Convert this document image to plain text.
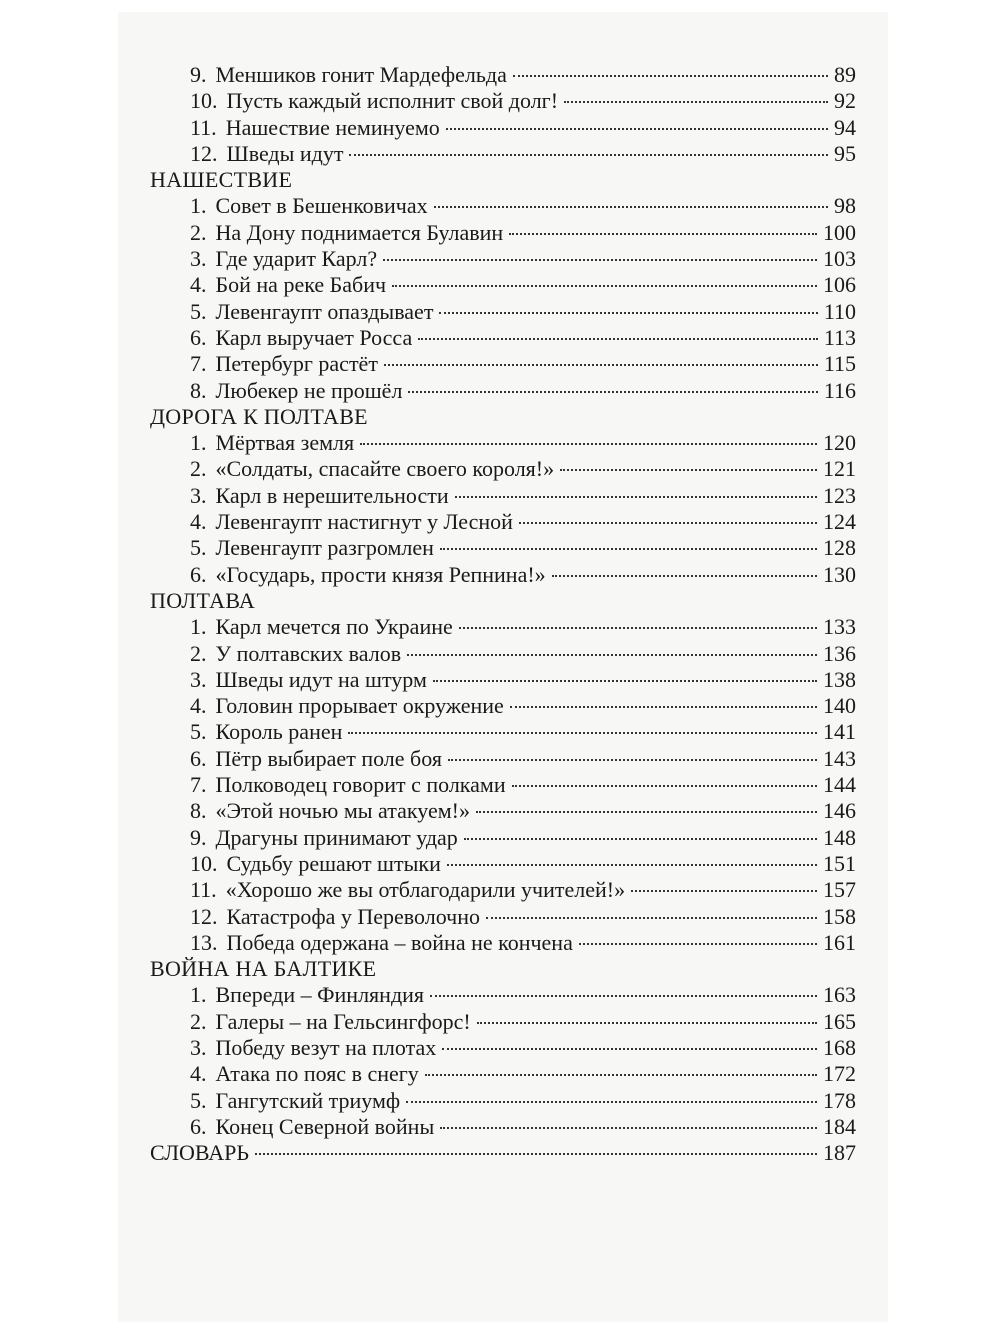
9. Меншиков гонит Мардефельда	89
10. Пусть каждый исполнит свой долг!	92
11. Нашествие неминуемо	94
12. Шведы идут	95
НАШЕСТВИЕ
1. Совет в Бешенковичах	98
2. На Дону поднимается Булавин	100
3. Где ударит Карл?	103
4. Бой на реке Бабич	106
5. Левенгаупт опаздывает	110
6. Карл выручает Росса	113
7. Петербург растёт	115
8. Любекер не прошёл	116
ДОРОГА К ПОЛТАВЕ
1. Мёртвая земля	120
2. «Солдаты, спасайте своего короля!»	121
3. Карл в нерешительности	123
4. Левенгаупт настигнут у Лесной	124
5. Левенгаупт разгромлен	128
6. «Государь, прости князя Репнина!»	130
ПОЛТАВА
1. Карл мечется по Украине	133
2. У полтавских валов	136
3. Шведы идут на штурм	138
4. Головин прорывает окружение	140
5. Король ранен	141
6. Пётр выбирает поле боя	143
7. Полководец говорит с полками	144
8. «Этой ночью мы атакуем!»	146
9. Драгуны принимают удар	148
10. Судьбу решают штыки	151
11. «Хорошо же вы отблагодарили учителей!»	157
12. Катастрофа у Переволочно	158
13. Победа одержана – война не кончена	161
ВОЙНА НА БАЛТИКЕ
1. Впереди – Финляндия	163
2. Галеры – на Гельсингфорс!	165
3. Победу везут на плотах	168
4. Атака по пояс в снегу	172
5. Гангутский триумф	178
6. Конец Северной войны	184
СЛОВАРЬ	187
